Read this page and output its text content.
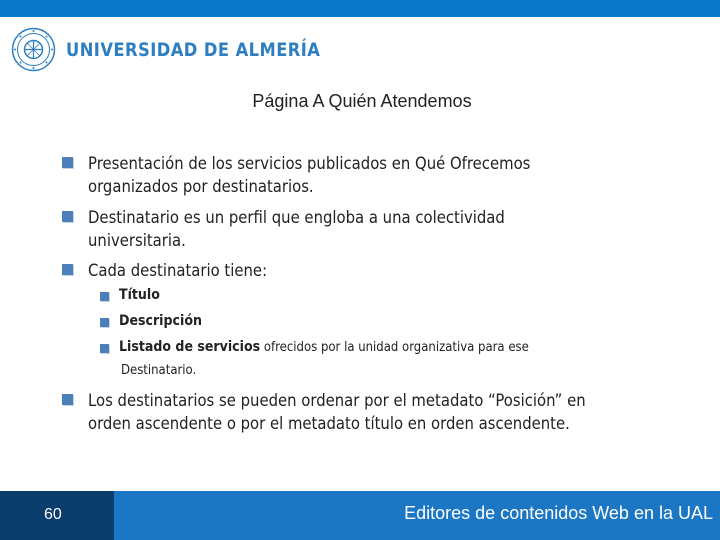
UNIVERSIDAD DE ALMERÍA
Página A Quién Atendemos
Presentación de los servicios publicados en Qué Ofrecemos
organizados por destinatarios.
Destinatario es un perfil que engloba a una colectividad
universitaria.
Cada destinatario tiene:
Título
Descripción
Listado de servicios ofrecidos por la unidad organizativa para ese
Destinatario.
Los destinatarios se pueden ordenar por el metadato “Posición” en
orden ascendente o por el metadato título en orden ascendente.
60	Editores de contenidos Web en la UAL
